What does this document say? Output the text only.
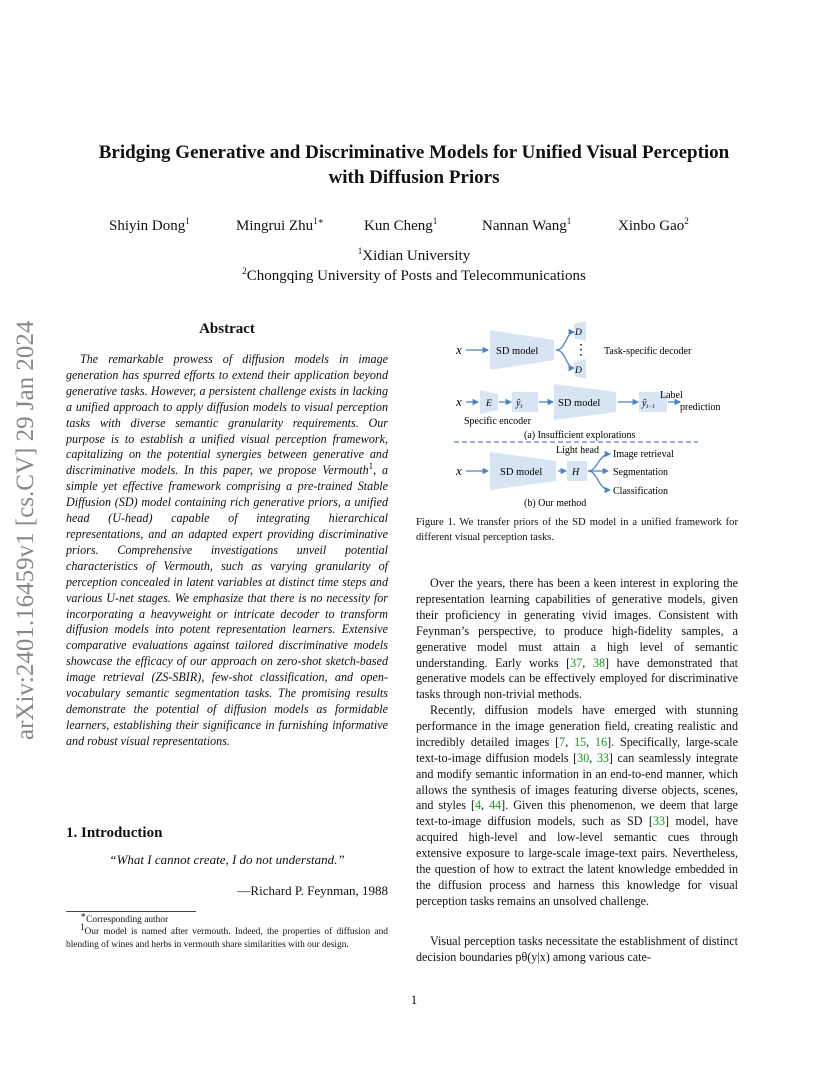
arXiv:2401.16459v1 [cs.CV] 29 Jan 2024
Bridging Generative and Discriminative Models for Unified Visual Perception
with Diffusion Priors
Shiyin Dong$^1$	Mingrui Zhu$^{1∗}$	Kun Cheng$^1$	Nannan Wang$^1$	Xinbo Gao$^2$
$^1$Xidian University
$^2$Chongqing University of Posts and Telecommunications
Abstract

The remarkable prowess of diffusion models in image generation has spurred efforts to extend their application beyond generative tasks. However, a persistent challenge exists in lacking a unified approach to apply diffusion models to visual perception tasks with diverse semantic granularity requirements. Our purpose is to establish a unified visual perception framework, capitalizing on the potential synergies between generative and discriminative models. In this paper, we propose Vermouth$^1$, a simple yet effective framework comprising a pre-trained Stable Diffusion (SD) model containing rich generative priors, a unified head (U-head) capable of integrating hierarchical representations, and an adapted expert providing discriminative priors. Comprehensive investigations unveil potential characteristics of Vermouth, such as varying granularity of perception concealed in latent variables at distinct time steps and various U-net stages. We emphasize that there is no necessity for incorporating a heavyweight or intricate decoder to transform diffusion models into potent representation learners. Extensive comparative evaluations against tailored discriminative models showcase the efficacy of our approach on zero-shot sketch-based image retrieval (ZS-SBIR), few-shot classification, and open-vocabulary semantic segmentation tasks. The promising results demonstrate the potential of diffusion models as formidable learners, establishing their significance in furnishing informative and robust visual representations.

1. Introduction
“What I cannot create, I do not understand.”
—Richard P. Feynman, 1988

∗Corresponding author

$^1$Our model is named after vermouth. Indeed, the properties of diffusion and blending of wines and herbs in vermouth share similarities with our design.

x	SD model
D
⋮
D
Task-specific decoder
x	E $ŷ_t$	SD model	$ŷ_{t-1}$
Label
prediction
Specific encoder
(a) Insufficient explorations
Light head
x	SD model	H
Image retrieval
Segmentation
Classification
(b) Our method
Figure 1. We transfer priors of the SD model in a unified framework for different visual perception tasks.

Over the years, there has been a keen interest in exploring the representation learning capabilities of generative models, given their proficiency in generating vivid images. Consistent with Feynman’s perspective, to produce high-fidelity samples, a generative model must attain a high level of semantic understanding. Early works [37, 38] have demonstrated that generative models can be effectively employed for discriminative tasks through non-trivial methods.

Recently, diffusion models have emerged with stunning performance in the image generation field, creating realistic and incredibly detailed images [7, 15, 16]. Specifically, large-scale text-to-image diffusion models [30, 33] can seamlessly integrate and modify semantic information in an end-to-end manner, which allows the synthesis of images featuring diverse objects, scenes, and styles [4, 44]. Given this phenomenon, we deem that large text-to-image diffusion models, such as SD [33] model, have acquired high-level and low-level semantic cues through extensive exposure to large-scale image-text pairs. Nevertheless, the question of how to extract the latent knowledge embedded in the diffusion process and harness this knowledge for visual perception tasks remains an unsolved challenge.

Visual perception tasks necessitate the establishment of distinct decision boundaries pθ(y|x) among various cate-

1
